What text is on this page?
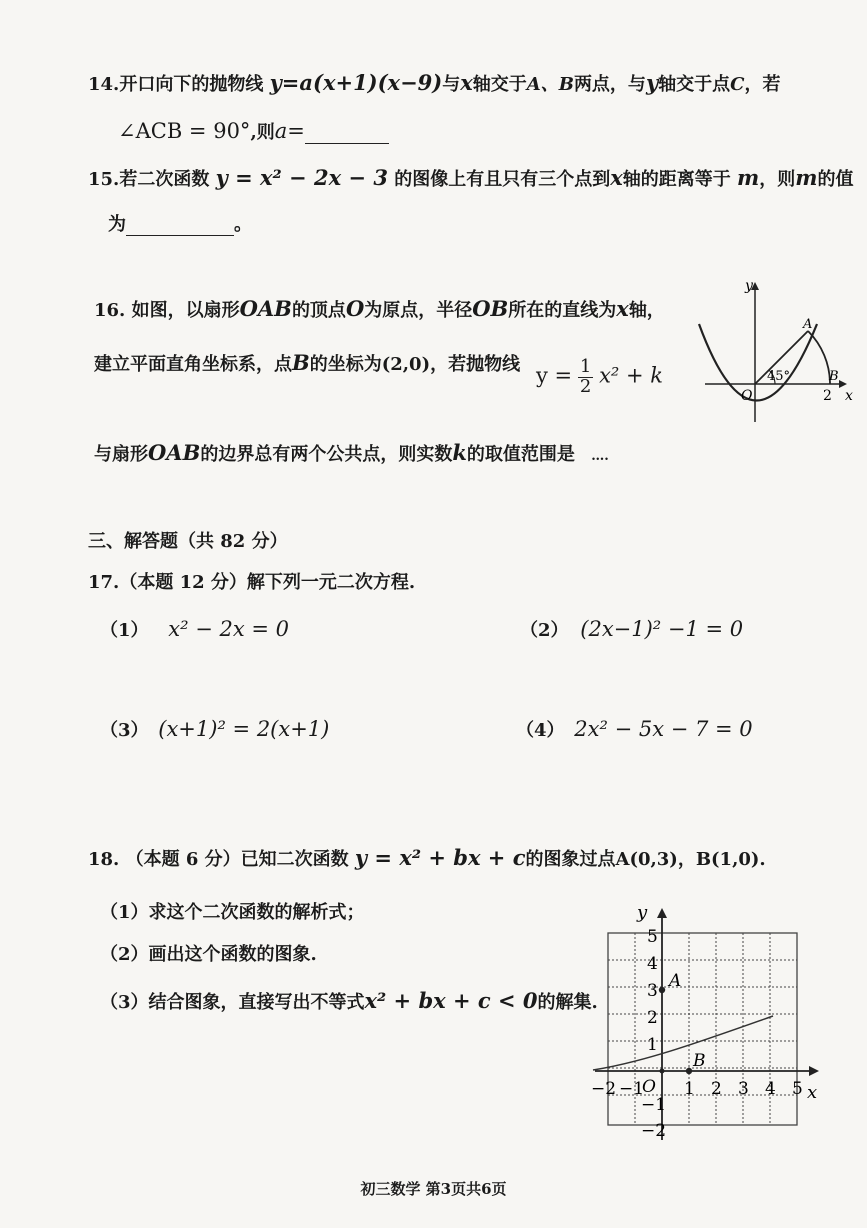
14.开口向下的抛物线 y=a(x+1)(x−9)与x轴交于A、B两点，与y轴交于点C，若
∠ACB = 90°,则a=
15.若二次函数 y = x² − 2x − 3 的图像上有且只有三个点到x轴的距离等于 m，则m的值
为	。
16. 如图，以扇形OAB的顶点O为原点，半径OB所在的直线为x轴，
建立平面直角坐标系，点B的坐标为(2,0)，若抛物线 $y = \frac{1}{2} x^2 + k$
与扇形OAB的边界总有两个公共点，则实数k的取值范围是 ….
y
x
A
B
O	2
45°
三、解答题（共 82 分）
17.（本题 12 分）解下列一元二次方程.
（1） x² − 2x = 0	（2） (2x−1)² −1 = 0
（3） (x+1)² = 2(x+1)	（4） 2x² − 5x − 7 = 0
18. （本题 6 分）已知二次函数 y = x² + bx + c的图象过点A(0,3)，B(1,0).
（1）求这个二次函数的解析式；
（2）画出这个函数的图象.
（3）结合图象，直接写出不等式x² + bx + c < 0的解集.
y
x
A
B
O
−2 −1 1 2 3 4 5
5
4
3
2
1
−1
−2
初三数学 第3页共6页
